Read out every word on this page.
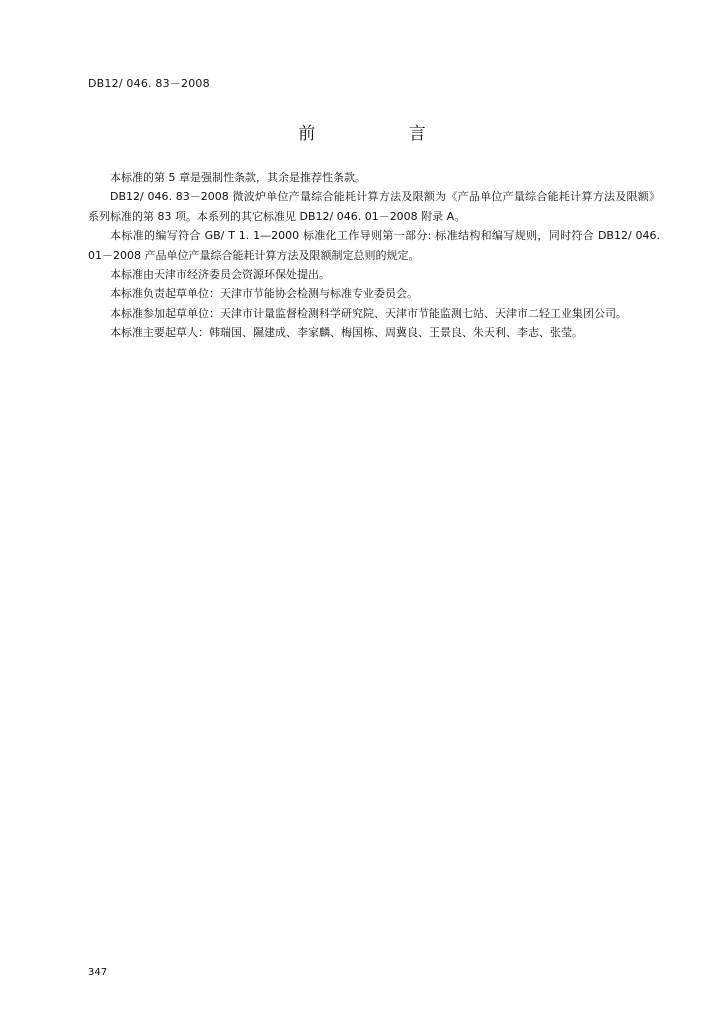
DB12/ 046. 83－2008
前 言

本标准的第 5 章是强制性条款，其余是推荐性条款。

DB12/ 046. 83－2008 微波炉单位产量综合能耗计算方法及限额为《产品单位产量综合能耗计算方法及限额》系列标准的第 83 项。本系列的其它标准见 DB12/ 046. 01－2008 附录 A。

本标准的编写符合 GB/ T 1. 1—2000 标准化工作导则第一部分: 标准结构和编写规则，同时符合 DB12/ 046. 01－2008 产品单位产量综合能耗计算方法及限额制定总则的规定。

本标准由天津市经济委员会资源环保处提出。

本标准负责起草单位：天津市节能协会检测与标准专业委员会。

本标准参加起草单位：天津市计量监督检测科学研究院、天津市节能监测七站、天津市二轻工业集团公司。

本标准主要起草人：韩瑞国、隰建成、李家麟、梅国栋、周冀良、王景良、朱天利、李志、张莹。

347
